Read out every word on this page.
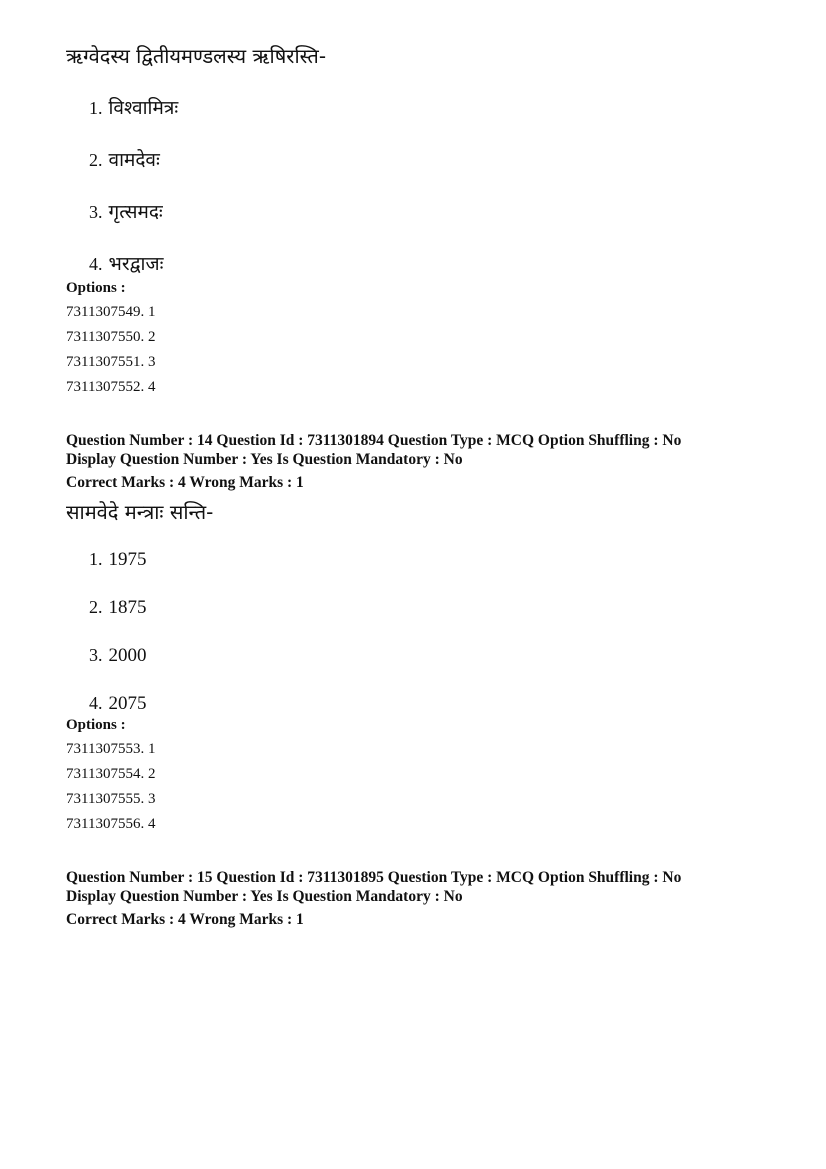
ऋग्वेदस्य द्वितीयमण्डलस्य ऋषिरस्ति-
1. विश्वामित्रः
2. वामदेवः
3. गृत्समदः
4. भरद्वाजः
Options :
7311307549. 1
7311307550. 2
7311307551. 3
7311307552. 4
Question Number : 14 Question Id : 7311301894 Question Type : MCQ Option Shuffling : No
Display Question Number : Yes Is Question Mandatory : No
Correct Marks : 4 Wrong Marks : 1
सामवेदे मन्त्राः सन्ति-
1. 1975
2. 1875
3. 2000
4. 2075
Options :
7311307553. 1
7311307554. 2
7311307555. 3
7311307556. 4
Question Number : 15 Question Id : 7311301895 Question Type : MCQ Option Shuffling : No
Display Question Number : Yes Is Question Mandatory : No
Correct Marks : 4 Wrong Marks : 1
